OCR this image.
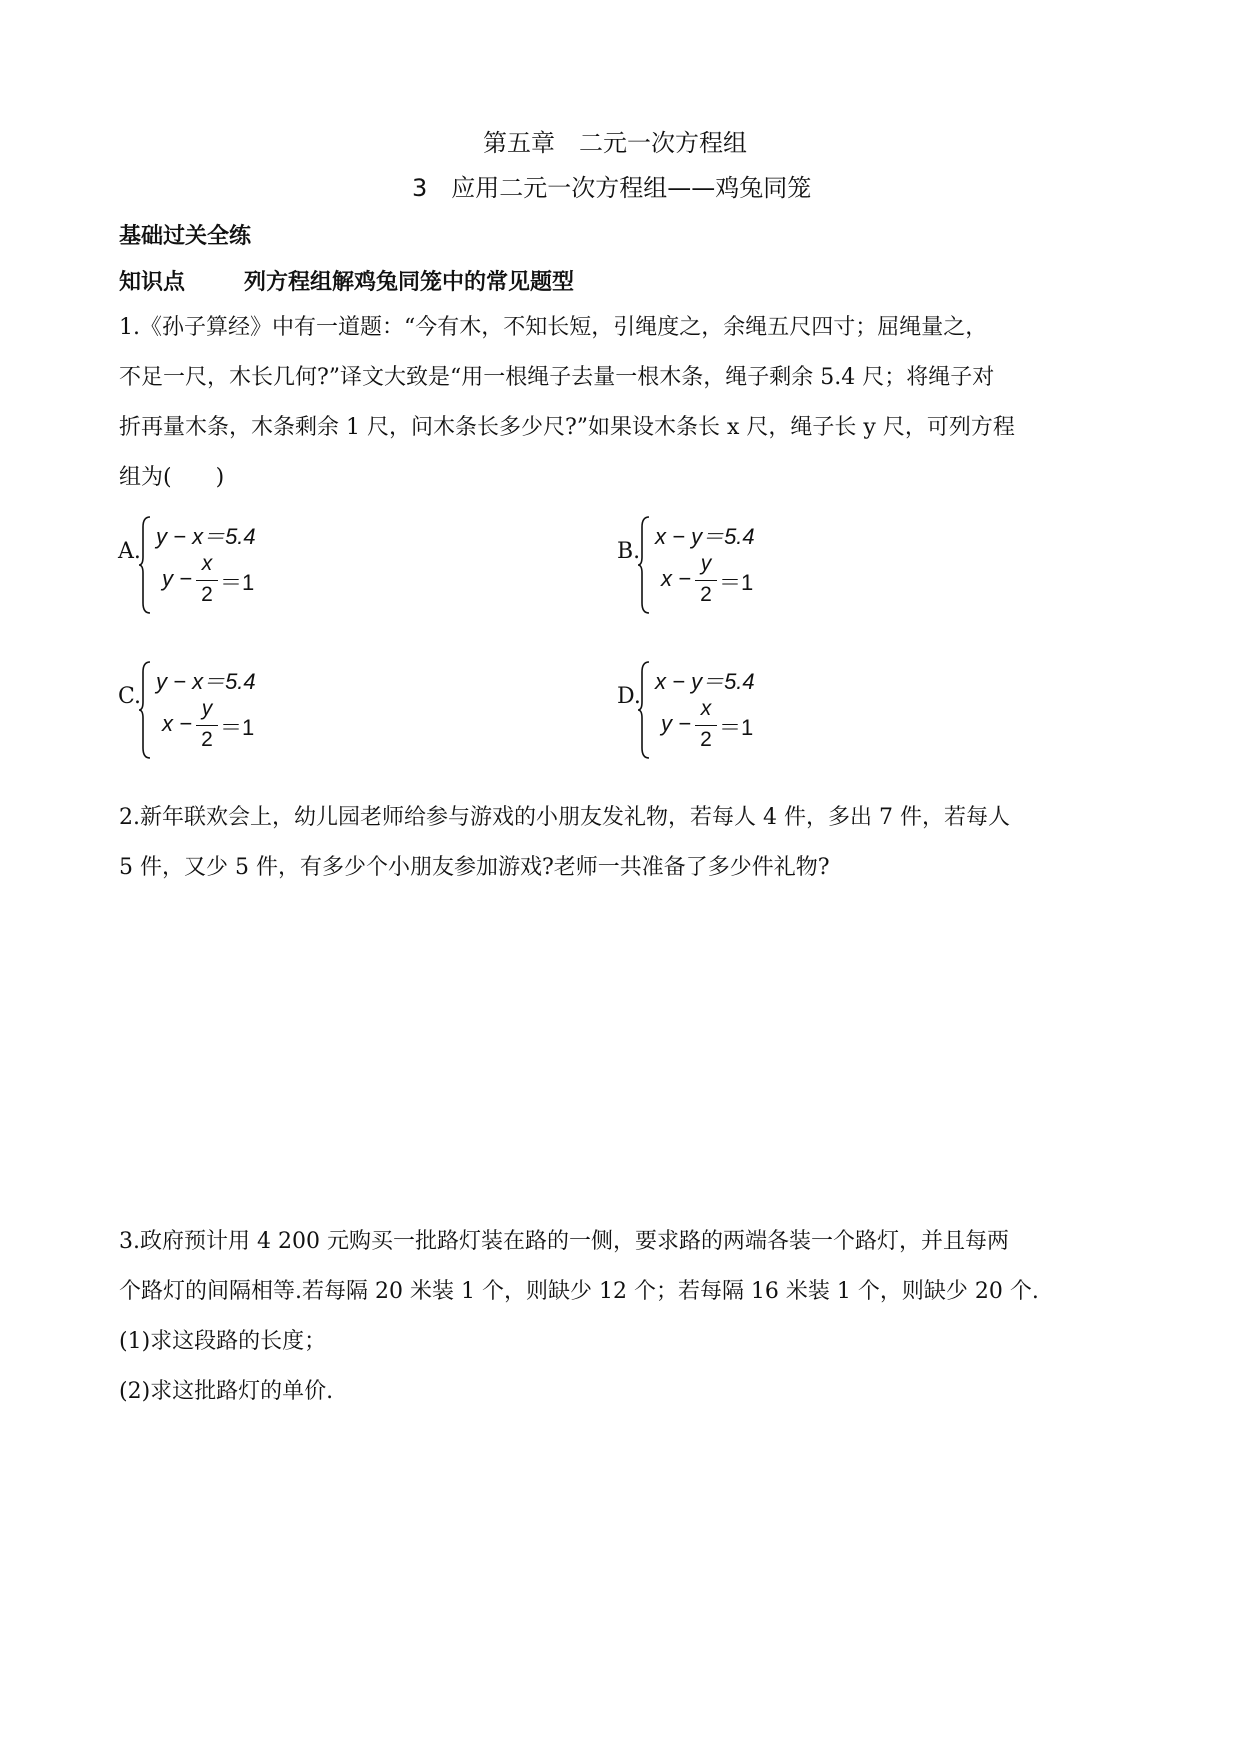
第五章　二元一次方程组
3　应用二元一次方程组——鸡兔同笼
基础过关全练
知识点	列方程组解鸡兔同笼中的常见题型
1.《孙子算经》中有一道题：“今有木，不知长短，引绳度之，余绳五尺四寸；屈绳量之，
不足一尺，木长几何?”译文大致是“用一根绳子去量一根木条，绳子剩余 5.4 尺；将绳子对
折再量木条，木条剩余 1 尺，问木条长多少尺?”如果设木条长 x 尺，绳子长 y 尺，可列方程
组为(　　)
A.
y − x＝5.4
y −
x
2 ＝1
B.
x − y＝5.4
x −
y
2 ＝1
C.
y − x＝5.4
x −
y
2 ＝1
D.
x − y＝5.4
y −
x
2 ＝1
2.新年联欢会上，幼儿园老师给参与游戏的小朋友发礼物，若每人 4 件，多出 7 件，若每人
5 件，又少 5 件，有多少个小朋友参加游戏?老师一共准备了多少件礼物?
3.政府预计用 4 200 元购买一批路灯装在路的一侧，要求路的两端各装一个路灯，并且每两
个路灯的间隔相等.若每隔 20 米装 1 个，则缺少 12 个；若每隔 16 米装 1 个，则缺少 20 个.
(1)求这段路的长度；
(2)求这批路灯的单价.
